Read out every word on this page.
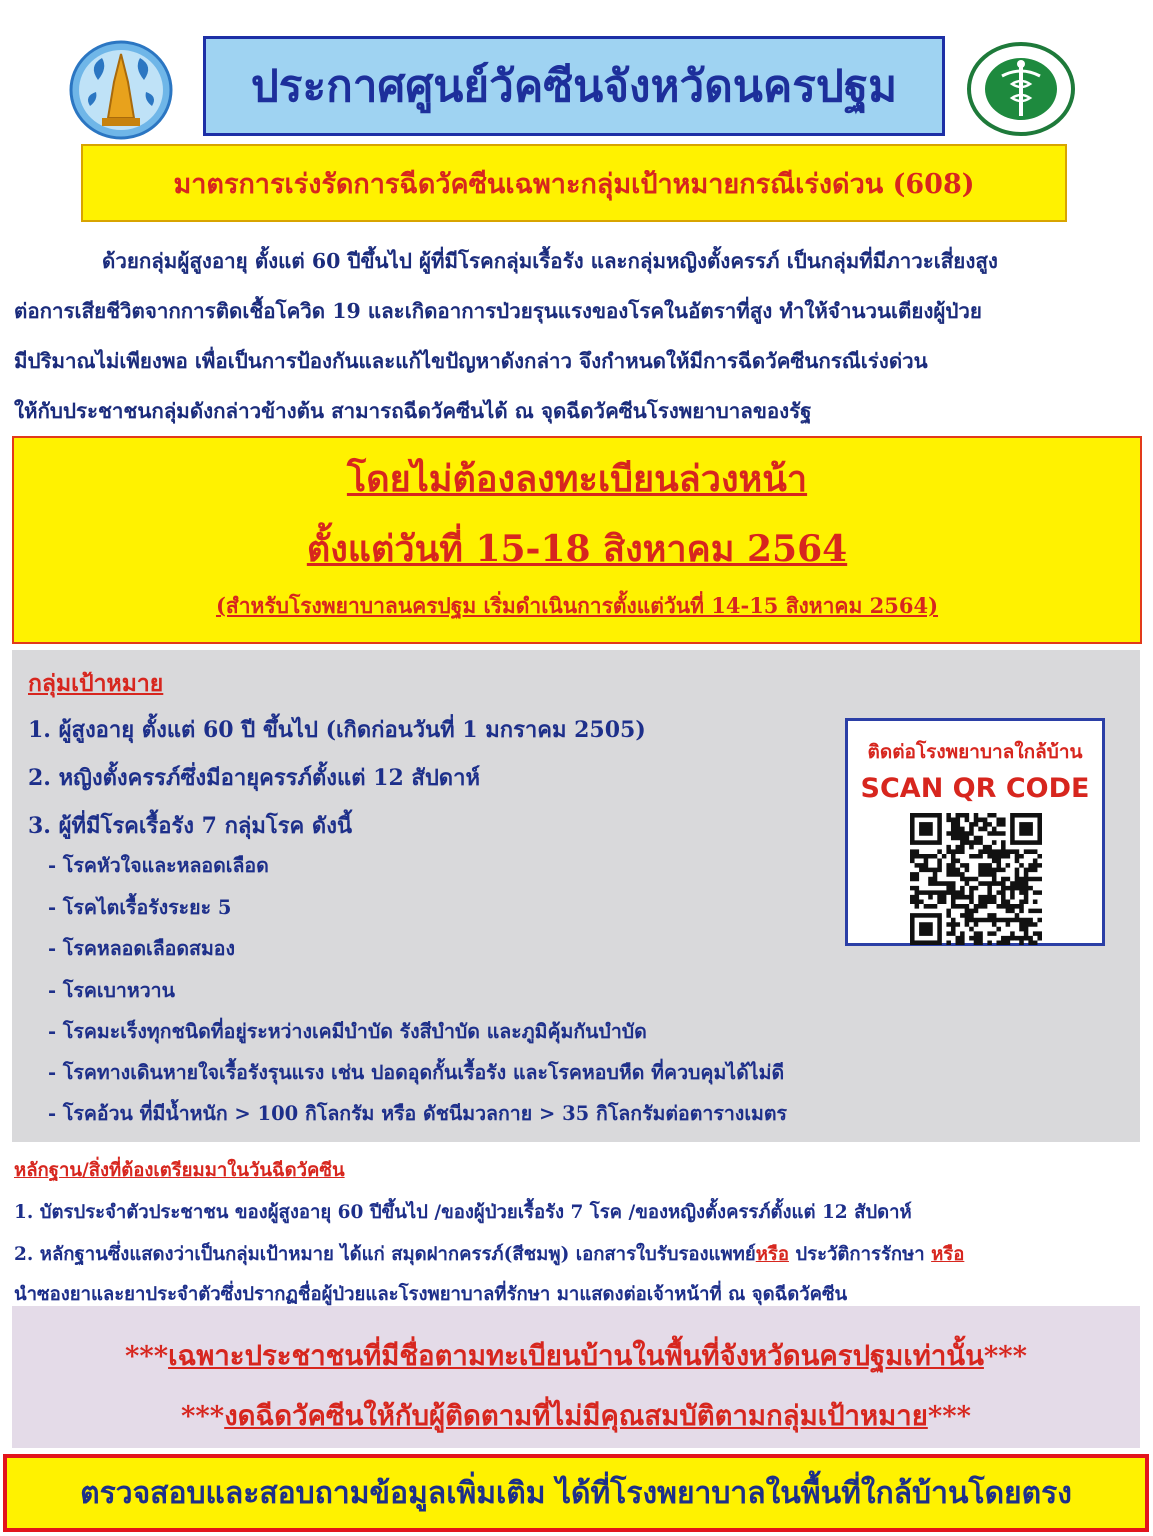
ประกาศศูนย์วัคซีนจังหวัดนครปฐม
มาตรการเร่งรัดการฉีดวัคซีนเฉพาะกลุ่มเป้าหมายกรณีเร่งด่วน (608)

ด้วยกลุ่มผู้สูงอายุ ตั้งแต่ 60 ปีขึ้นไป ผู้ที่มีโรคกลุ่มเรื้อรัง และกลุ่มหญิงตั้งครรภ์ เป็นกลุ่มที่มีภาวะเสี่ยงสูง

ต่อการเสียชีวิตจากการติดเชื้อโควิด 19 และเกิดอาการป่วยรุนแรงของโรคในอัตราที่สูง ทำให้จำนวนเตียงผู้ป่วย

มีปริมาณไม่เพียงพอ เพื่อเป็นการป้องกันและแก้ไขปัญหาดังกล่าว จึงกำหนดให้มีการฉีดวัคซีนกรณีเร่งด่วน

ให้กับประชาชนกลุ่มดังกล่าวข้างต้น สามารถฉีดวัคซีนได้ ณ จุดฉีดวัคซีนโรงพยาบาลของรัฐ

โดยไม่ต้องลงทะเบียนล่วงหน้า
ตั้งแต่วันที่ 15-18 สิงหาคม 2564
(สำหรับโรงพยาบาลนครปฐม เริ่มดำเนินการตั้งแต่วันที่ 14-15 สิงหาคม 2564)
กลุ่มเป้าหมาย
1. ผู้สูงอายุ ตั้งแต่ 60 ปี ขึ้นไป (เกิดก่อนวันที่ 1 มกราคม 2505)
2. หญิงตั้งครรภ์ซึ่งมีอายุครรภ์ตั้งแต่ 12 สัปดาห์
3. ผู้ที่มีโรคเรื้อรัง 7 กลุ่มโรค ดังนี้
- โรคหัวใจและหลอดเลือด
- โรคไตเรื้อรังระยะ 5
- โรคหลอดเลือดสมอง
- โรคเบาหวาน
- โรคมะเร็งทุกชนิดที่อยู่ระหว่างเคมีบำบัด รังสีบำบัด และภูมิคุ้มกันบำบัด
- โรคทางเดินหายใจเรื้อรังรุนแรง เช่น ปอดอุดกั้นเรื้อรัง และโรคหอบหืด ที่ควบคุมได้ไม่ดี
- โรคอ้วน ที่มีน้ำหนัก > 100 กิโลกรัม หรือ ดัชนีมวลกาย > 35 กิโลกรัมต่อตารางเมตร
ติดต่อโรงพยาบาลใกล้บ้าน
SCAN QR CODE
หลักฐาน/สิ่งที่ต้องเตรียมมาในวันฉีดวัคซีน
1. บัตรประจำตัวประชาชน ของผู้สูงอายุ 60 ปีขึ้นไป /ของผู้ป่วยเรื้อรัง 7 โรค /ของหญิงตั้งครรภ์ตั้งแต่ 12 สัปดาห์
2. หลักฐานซึ่งแสดงว่าเป็นกลุ่มเป้าหมาย ได้แก่ สมุดฝากครรภ์(สีชมพู) เอกสารใบรับรองแพทย์หรือ ประวัติการรักษา หรือ
นำซองยาและยาประจำตัวซึ่งปรากฏชื่อผู้ป่วยและโรงพยาบาลที่รักษา มาแสดงต่อเจ้าหน้าที่ ณ จุดฉีดวัคซีน
***เฉพาะประชาชนที่มีชื่อตามทะเบียนบ้านในพื้นที่จังหวัดนครปฐมเท่านั้น***
***งดฉีดวัคซีนให้กับผู้ติดตามที่ไม่มีคุณสมบัติตามกลุ่มเป้าหมาย***
ตรวจสอบและสอบถามข้อมูลเพิ่มเติม ได้ที่โรงพยาบาลในพื้นที่ใกล้บ้านโดยตรง
